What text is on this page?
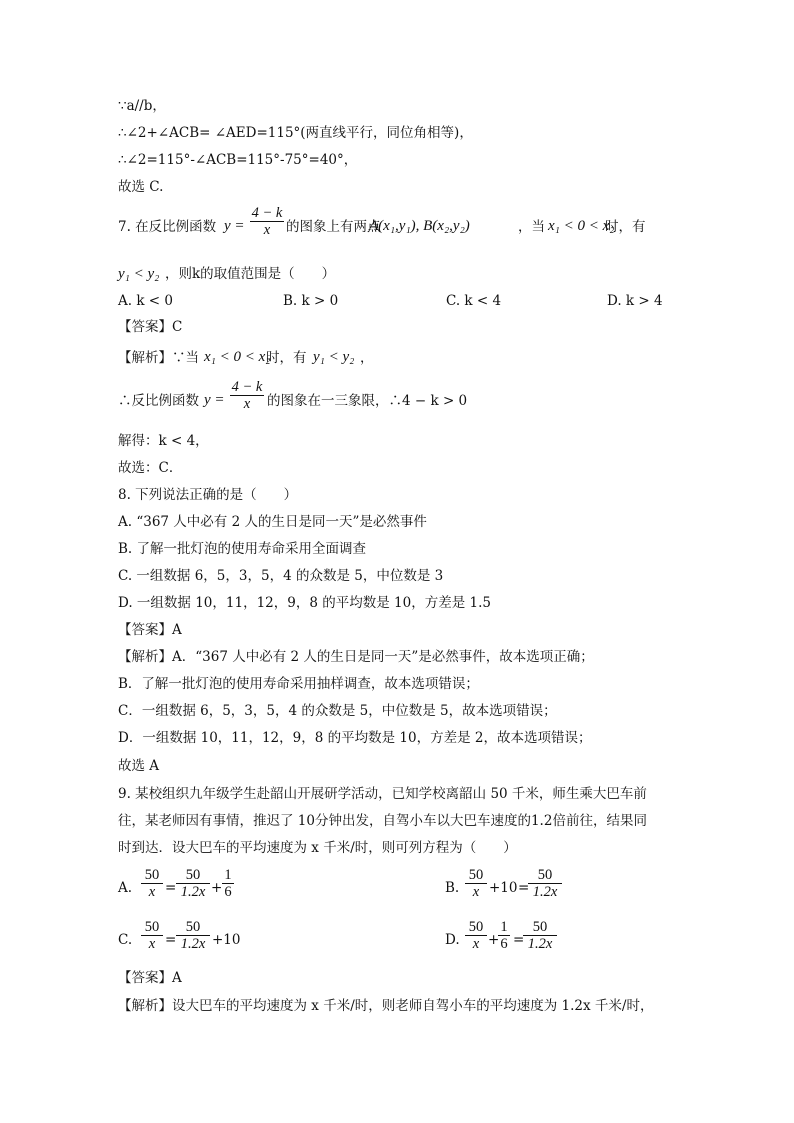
∵a//b，
∴∠2+∠ACB= ∠AED=115°(两直线平行，同位角相等)，
∴∠2=115°-∠ACB=115°-75°=40°，
故选 C.
7. 在反比例函数 y =
4 − k
x	的图象上有两点
A(x₁,y₁), B(x₂,y₂)	，当 x₁ < 0 < x₂
时，有
y₁ < y₂ ，则k的取值范围是（　　）
A. k < 0	B. k > 0	C. k < 4	D. k > 4
【答案】C
【解析】∵当 x₁ < 0 < x₂
时，有 y₁ < y₂ ，
∴反比例函数 y =
4 − k
x	的图象在一三象限，∴4 − k > 0
解得：k < 4，
故选：C．
8. 下列说法正确的是（　　）
A. “367 人中必有 2 人的生日是同一天”是必然事件
B. 了解一批灯泡的使用寿命采用全面调查
C. 一组数据 6，5，3，5，4 的众数是 5，中位数是 3
D. 一组数据 10，11，12，9，8 的平均数是 10，方差是 1.5
【答案】A
【解析】A．“367 人中必有 2 人的生日是同一天”是必然事件，故本选项正确；
B．了解一批灯泡的使用寿命采用抽样调查，故本选项错误；
C．一组数据 6，5，3，5，4 的众数是 5，中位数是 5，故本选项错误；
D．一组数据 10，11，12，9，8 的平均数是 10，方差是 2，故本选项错误；
故选 A
9. 某校组织九年级学生赴韶山开展研学活动，已知学校离韶山 50 千米，师生乘大巴车前
往，某老师因有事情，推迟了 10分钟出发，自驾小车以大巴车速度的1.2倍前往，结果同
时到达．设大巴车的平均速度为 x 千米/时，则可列方程为（　　）
A.
50
x =
50
1.2x +
1
6	B.
50
x +10 =
50
1.2x
C.
50
x =
50
1.2x +10	D.
50
x +
1
6 =
50
1.2x
【答案】A
【解析】设大巴车的平均速度为 x 千米/时，则老师自驾小车的平均速度为 1.2x 千米/时，
